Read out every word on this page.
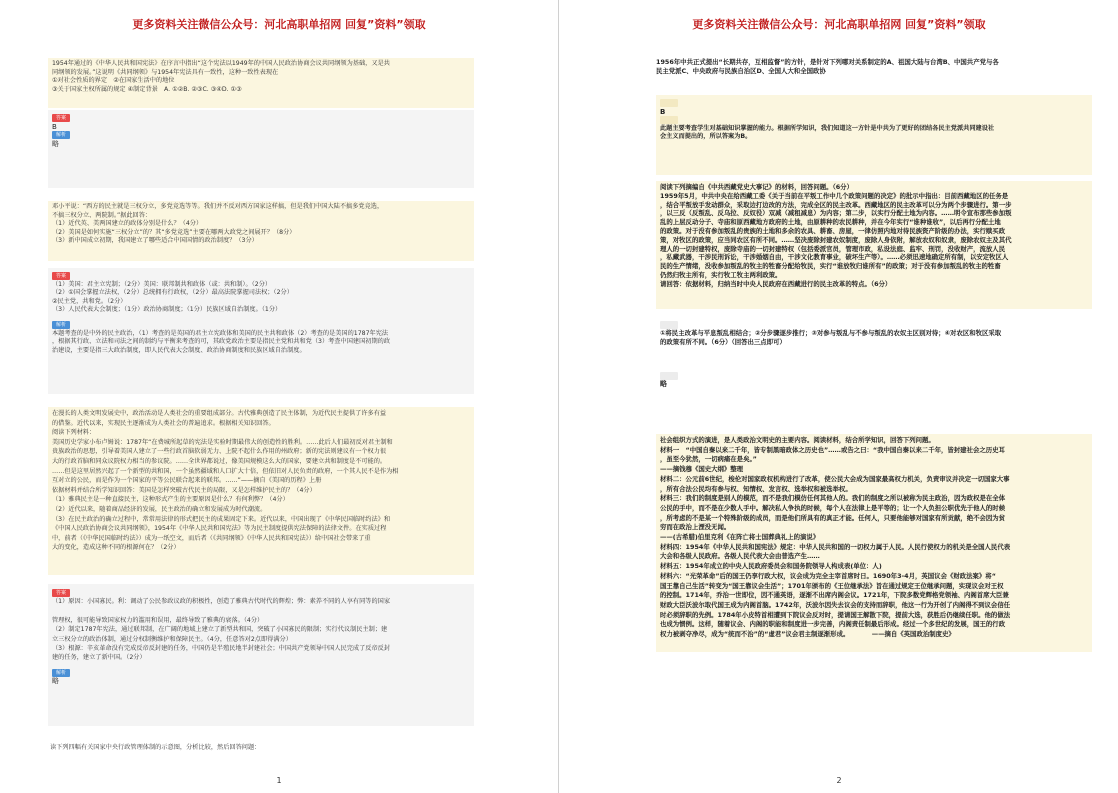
更多资料关注微信公众号：河北高职单招网 回复”资料”领取

1954年通过的《中华人民共和国宪法》在序言中指出“这个宪法以1949年的中国人民政治协商会议共同纲领为基础，又是共

同纲领的发展。”这说明《共同纲领》与1954年宪法具有一致性，这种一致性表现在

①对社会性质的界定　②在国家生活中的地位

③关于国家主权所属的规定 ④制定背景　A. ①②B. ②③C. ③④D. ①③

答案

B

解析

略

邓小平说：“西方的民主就是三权分立，多党竞选等等。我们并不反对西方国家这样搞，但是我们中国大陆不搞多党竞选，

不搞三权分立、两院制。”据此回答：

（1）近代英、美两国建立的政体分别是什么？（4分）

（2）美国是如何实施“三权分立”的？其“多党竞选”主要在哪两大政党之间展开？（8分）

（3）新中国成立初期，我国建立了哪些适合中国国情的政治制度？（3分）

答案

（1）美国：君主立宪制；（2分）美国：联邦制共和政体（或：共和制）。（2分）

（2）①国会掌握立法权，（2分）总统拥有行政权，（2分）最高法院掌握司法权；（2分）

②民主党，共和党。（2分）

（3）人民代表大会制度；（1分）政治协商制度；（1分）民族区域自治制度。（1分）

解析

本题考查的是中外的民主政治，（1）考查的是英国的君主立宪政体和美国的民主共和政体（2）考查的是美国的1787年宪法

，根据其行政、立法和司法之间的制约与平衡来考查的可，其政党政治主要是指民主党和共和党（3）考查中国建国初期的政

治建设，主要是指三大政治制度，即人民代表大会制度、政治协商制度和民族区域自治制度。

在漫长的人类文明发展史中，政治活动是人类社会的重要组成部分。古代雅典创造了民主体制，为近代民主提供了许多有益

的借鉴。近代以来，实现民主逐渐成为人类社会的普遍追求。根据相关知识回答。

阅读下列材料：

美国历史学家小布卢姆说：1787年“在费城所起草的宪法是实验时期最伟大的创造性的胜利。……此后人们最初反对君主制和

贵族政治的思想，引导着美国人建立了一些行政首脑软弱无力、上院不起什么作用的州政府；新的宪法则建议有一个权力很

大的行政首脑和同众议院权力相当的参议院。……全世界都说过，像美国规模这么大的国家，要建立共和制度是不可能的。

……但是这里居然兴起了一个新型的共和国，一个虽然疆域和人口扩大十倍，但依旧对人民负责的政府，一个其人民不是作为相

互对立的公民，而是作为一个国家的平等公民联合起来的联邦。……”——摘自《美国的历程》上册

依据材料并结合所学知识回答：美国是怎样突破古代民主的局限，又是怎样维护民主的？（4分）

（1）雅典民主是一种直接民主，这种形式产生的主要原因是什么？有何利弊？（4分）

（2）近代以来，随着商品经济的发展，民主政治的确立和发展成为时代潮流。

（3）在民主政治的确立过程中，常常用法律的形式把民主的成果固定下来。近代以来，中国出现了《中华民国临时约法》和

《中国人民政治协商会议共同纲领》，1954年《中华人民共和国宪法》等为民主制度提供宪法保障的法律文件。在实质过程

中，前者（《中华民国临时约法》）成为一纸空文，而后者（《共同纲领》《中华人民共和国宪法》）给中国社会带来了重

大的变化，造成这种不同的根源何在？（2分）

答案

（1）原因：小国寡民。利：调动了公民参政议政的积极性，创造了雅典古代时代的辉煌；弊：素养不同的人享有同等的国家

管理权，很可能导致国家权力的滥用和误用，最终导致了雅典的衰落。（4分）

（2）制定1787年宪法，通过联邦制，在广阔的地域上建立了新型共和国，突破了小国寡民的限制；实行代议制民主制；建

立三权分立的政治体制，通过分权制衡维护和保障民主。（4分，任意答对2点即得满分）

（3）根源：辛亥革命没有完成反帝反封建的任务，中国仍是半殖民地半封建社会；中国共产党领导中国人民完成了反帝反封

建的任务，建立了新中国。（2分）

解析

略

读下列四幅有关国家中央行政管理体制的示意图，分析比较，然后回答问题：

1
更多资料关注微信公众号：河北高职单招网 回复”资料”领取

1956年中共正式提出“长期共存，互相监督”的方针，是针对下列哪对关系制定的A、祖国大陆与台湾B、中国共产党与各

民主党派C、中央政府与民族自治区D、全国人大和全国政协

答案

B

解析

此题主要考查学生对基础知识掌握的能力。根据所学知识，我们知道这一方针是中共为了更好的团结各民主党派共同建设社

会主义而提出的，所以答案为B。

阅读下列摘编自《中共西藏党史大事记》的材料，回答问题。（6分）

1959年5月，中共中央在给西藏工委《关于当前在平叛工作中几个政策问题的决定》的批示中指出：目前西藏地区的任务是

，结合平叛放手发动群众，采取边打边改的方法，完成全区的民主改革。西藏地区的民主改革可以分为两个步骤进行。第一步

，以三反（反叛乱、反乌拉、反奴役）双减（减租减息）为内容；第二步，以实行分配土地为内容。……明令宣布那些参加叛

乱的上层反动分子、寺庙和原西藏地方政府的土地，由原耕种的农民耕种，并在今年实行“谁种谁收”，以后再行分配土地

的政策。对于没有参加叛乱的贵族的土地和多余的农具、耕畜、房屋，一律仿照内地对待民族资产阶级的办法，实行赎买政

策，对牧区的政策，应当同农区有所不同。……坚决废除封建农奴制度，废除人身依附，解放农奴和奴隶，废除农奴主及其代

理人的一切封建特权，废除寺庙的一切封建特权（包括委派官员，管理市政，私设法庭、监牢、刑罚，没收财产，流放人民

，私藏武器，干涉民刑诉讼，干涉婚姻自由，干涉文化教育事业，破坏生产等）。……必须迅速地确定所有制，以安定牧区人

民的生产情绪，没收参加叛乱的牧主的牲畜分配给牧民，实行“谁放牧归谁所有”的政策；对于没有参加叛乱的牧主的牲畜

仍然归牧主所有，实行牧工牧主两利政策。

请回答：依据材料，归纳当时中央人民政府在西藏进行的民主改革的特点。（6分）

答案

①将民主改革与平息叛乱相结合；②分步骤逐步推行；③对参与叛乱与不参与叛乱的农奴主区别对待；④对农区和牧区采取

的政策有所不同。（6分）（回答出三点即可）

解析

略

社会组织方式的演进，是人类政治文明史的主要内容。阅读材料，结合所学知识，回答下列问题。

材料一　“中国自秦以来二千年，皆专制黑暗政体之历史也”……或告之曰：“我中国自秦以来二千年，皆封建社会之历史耳

，虽至今犹然，一切病痛在是矣。”

——摘钱穆《国史大纲》整理

材料二：公元前6世纪，梭伦对国家政权机构进行了改革，使公民大会成为国家最高权力机关，负责审议并决定一切国家大事

，所有合法公民均有参与权、知情权、发言权、选举权和被选举权。

材料三：我们的制度是别人的模范，而不是我们模仿任何其他人的。我们的制度之所以被称为民主政治，因为政权是在全体

公民的手中，而不是在少数人手中。解决私人争执的时候，每个人在法律上是平等的；让一个人负担公职优先于他人的时候

，所考虑的不是某一个特殊阶级的成员，而是他们所具有的真正才能。任何人，只要他能够对国家有所贡献，绝不会因为贫

穷而在政治上湮没无闻。

——(古希腊)伯里克利《在阵亡将士国葬典礼上的演说》

材料四：1954年《中华人民共和国宪法》规定：中华人民共和国的一切权力属于人民。人民行使权力的机关是全国人民代表

大会和各级人民政府。各级人民代表大会由普选产生……

材料五：1954年成立的中央人民政府委员会和国务院领导人构成表(单位：人)

材料六：“光荣革命”后的国王仍享行政大权，议会成为完全主宰首席时日。1690年3-4月，英国议会《财政法案》将“

国王靠自己生活”转变为“国王靠议会生活”；1701年颁布的《王位继承法》旨在通过规定王位继承问题，实现议会对王权

的控制。1714年，乔治一世即位，因不通英语，逐渐不出席内阁会议。1721年，下院多数党辉格党领袖、内阁首席大臣兼

财政大臣沃波尔取代国王成为内阁首脑。1742年，沃波尔因失去议会的支持而辞职，他这一行为开创了内阁得不到议会信任

时必须辞职的先例。1784年小皮特首相遭到下院议会反对时，提请国王解散下院，提前大选，获胜后仍继续任职。他的做法

也成为惯例。这样，随着议会、内阁的职能和制度进一步完善，内阁责任制最后形成。经过一个多世纪的发展，国王的行政

权力被剥夺净尽，成为“统而不治”的“虚君”议会君主制逐渐形成。　　　　——摘自《英国政治制度史》

2
